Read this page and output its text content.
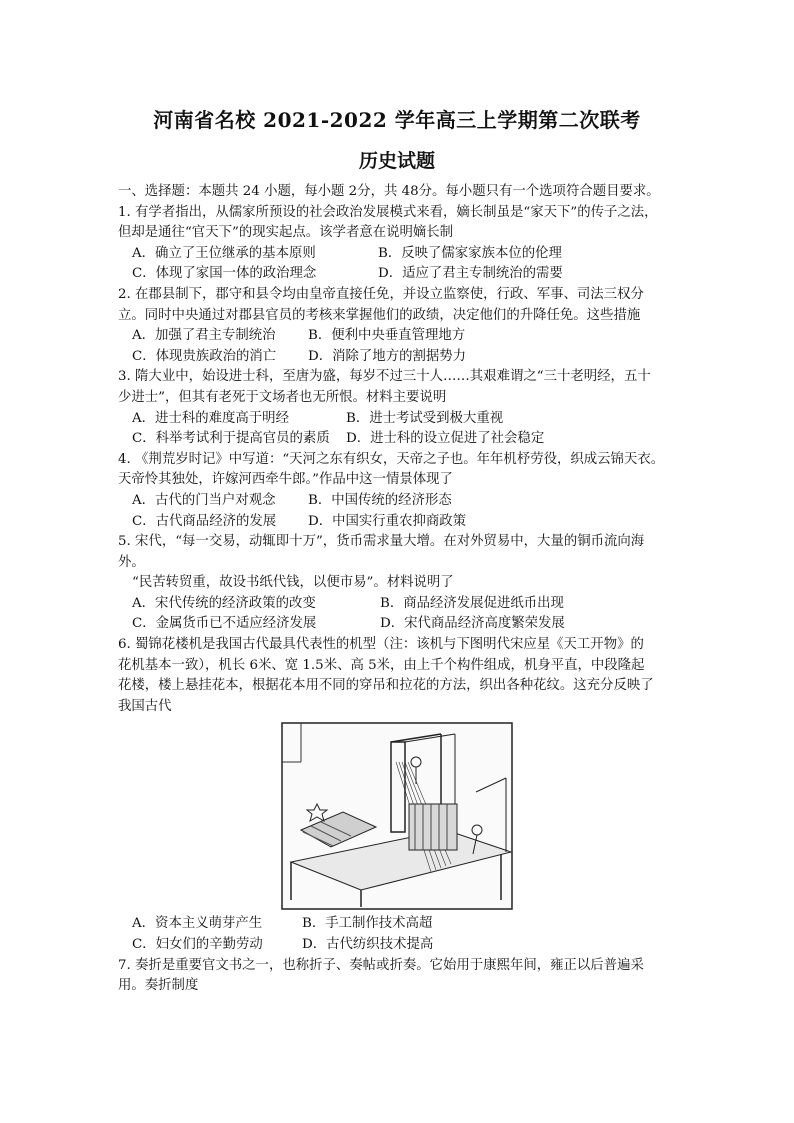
河南省名校 2021-2022 学年高三上学期第二次联考
历史试题

一、选择题：本题共 24 小题，每小题 2分，共 48分。每小题只有一个选项符合题目要求。

1. 有学者指出，从儒家所预设的社会政治发展模式来看，嫡长制虽是“家天下”的传子之法，

但却是通往“官天下”的现实起点。该学者意在说明嫡长制

A．确立了王位继承的基本原则	B．反映了儒家家族本位的伦理
C．体现了家国一体的政治理念	D．适应了君主专制统治的需要

2. 在郡县制下，郡守和县令均由皇帝直接任免，并设立监察使，行政、军事、司法三权分

立。同时中央通过对郡县官员的考核来掌握他们的政绩，决定他们的升降任免。这些措施

A．加强了君主专制统治	B．便利中央垂直管理地方
C．体现贵族政治的消亡	D．消除了地方的割据势力

3. 隋大业中，始设进士科，至唐为盛，每岁不过三十人……其艰难谓之“三十老明经，五十

少进士”，但其有老死于文场者也无所恨。材料主要说明

A．进士科的难度高于明经	B．进士考试受到极大重视
C．科举考试利于提高官员的素质	D．进士科的设立促进了社会稳定

4. 《荆荒岁时记》中写道：“天河之东有织女，天帝之子也。年年机杼劳役，织成云锦天衣。

天帝怜其独处，许嫁河西牵牛郎。”作品中这一情景体现了

A．古代的门当户对观念	B．中国传统的经济形态
C．古代商品经济的发展	D．中国实行重农抑商政策

5. 宋代，“每一交易，动辄即十万”，货币需求量大增。在对外贸易中，大量的铜币流向海

外。

“民苦转贸重，故设书纸代钱，以便市易”。材料说明了

A．宋代传统的经济政策的改变	B．商品经济发展促进纸币出现
C．金属货币已不适应经济发展	D．宋代商品经济高度繁荣发展

6. 蜀锦花楼机是我国古代最具代表性的机型（注：该机与下图明代宋应星《天工开物》的

花机基本一致），机长 6米、宽 1.5米、高 5米，由上千个构件组成，机身平直，中段隆起

花楼，楼上悬挂花本，根据花本用不同的穿吊和拉花的方法，织出各种花纹。这充分反映了

我国古代

A．资本主义萌芽产生	B．手工制作技术高超
C．妇女们的辛勤劳动	D．古代纺织技术提高

7. 奏折是重要官文书之一，也称折子、奏帖或折奏。它始用于康熙年间，雍正以后普遍采

用。奏折制度
